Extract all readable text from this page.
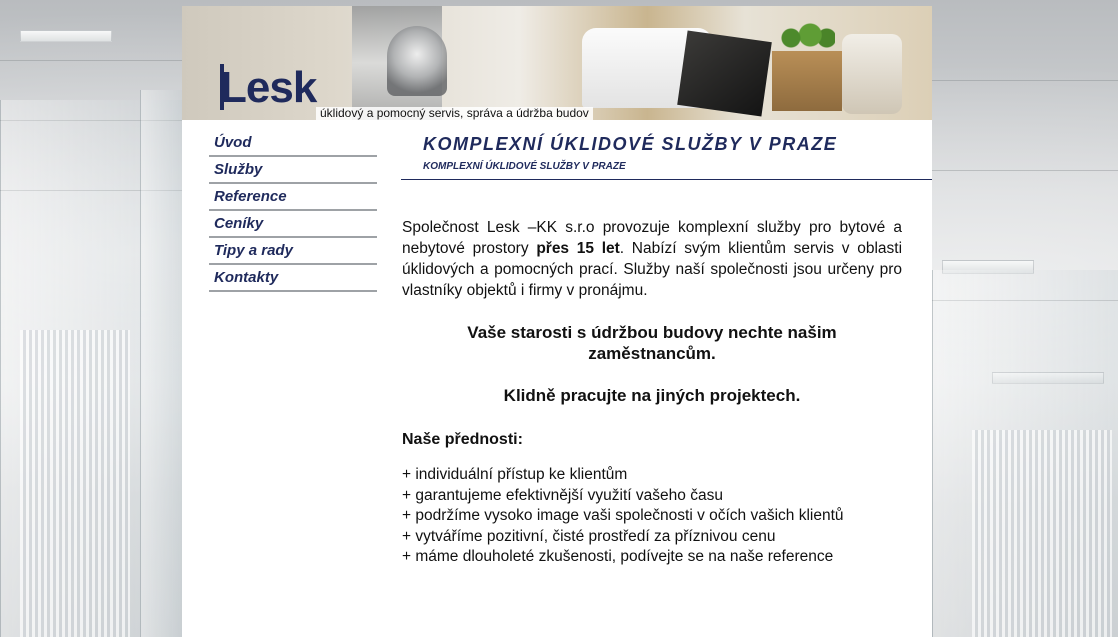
Lesk
úklidový a pomocný servis, správa a údržba budov
Úvod
Služby
Reference
Ceníky
Tipy a rady
Kontakty
KOMPLEXNÍ ÚKLIDOVÉ SLUŽBY V PRAZE
KOMPLEXNÍ ÚKLIDOVÉ SLUŽBY V PRAZE

Společnost Lesk –KK s.r.o provozuje komplexní služby pro bytové a nebytové prostory přes 15 let. Nabízí svým klientům servis v oblasti úklidových a pomocných prací. Služby naší společnosti jsou určeny pro vlastníky objektů i firmy v pronájmu.

Vaše starosti s údržbou budovy nechte našim zaměstnancům.

Klidně pracujte na jiných projektech.

Naše přednosti:

+ individuální přístup ke klientům
+ garantujeme efektivnější využití vašeho času
+ podržíme vysoko image vaši společnosti v očích vašich klientů
+ vytváříme pozitivní, čisté prostředí za příznivou cenu
+ máme dlouholeté zkušenosti, podívejte se na naše reference
